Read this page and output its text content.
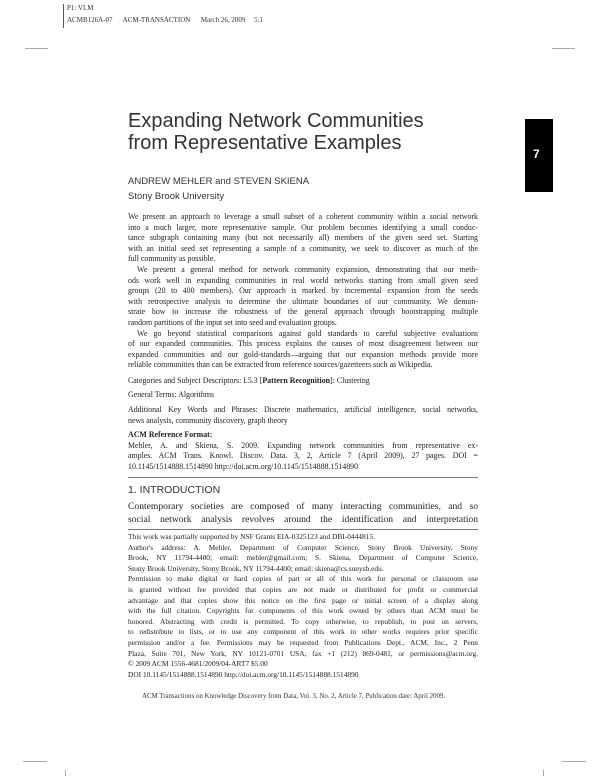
P1: VLM
ACMB126A-07 ACM-TRANSACTION March 26, 2009 5:1
7
Expanding Network Communities
from Representative Examples
ANDREW MEHLER and STEVEN SKIENA
Stony Brook University
We present an approach to leverage a small subset of a coherent community within a social network
into a much larger, more representative sample. Our problem becomes identifying a small conduc-
tance subgraph containing many (but not necessarily all) members of the given seed set. Starting
with an initial seed set representing a sample of a community, we seek to discover as much of the
full community as possible.
We present a general method for network community expansion, demonstrating that our meth-
ods work well in expanding communities in real world networks starting from small given seed
groups (20 to 400 members). Our approach is marked by incremental expansion from the seeds
with retrospective analysis to determine the ultimate boundaries of our community. We demon-
strate how to increase the robustness of the general approach through bootstrapping multiple
random partitions of the input set into seed and evaluation groups.
We go beyond statistical comparisons against gold standards to careful subjective evaluations
of our expanded communities. This process explains the causes of most disagreement between our
expanded communities and our gold-standards—arguing that our expansion methods provide more
reliable communities than can be extracted from reference sources/gazetteers such as Wikipedia.
Categories and Subject Descriptors: I.5.3 [Pattern Recognition]: Clustering
General Terms: Algorithms
Additional Key Words and Phrases: Discrete mathematics, artificial intelligence, social networks,
news analysis, community discovery, graph theory
ACM Reference Format:
Mehler, A. and Skiena, S. 2009. Expanding network communities from representative ex-
amples. ACM Trans. Knowl. Discov. Data. 3, 2, Article 7 (April 2009), 27 pages. DOI =
10.1145/1514888.1514890 http://doi.acm.org/10.1145/1514888.1514890
1. INTRODUCTION
Contemporary societies are composed of many interacting communities, and so
social network analysis revolves around the identification and interpretation
This work was partially supported by NSF Grants EIA-0325123 and DBI-0444815.
Author's address: A. Mehler, Department of Computer Science, Stony Brook University, Stony
Brook, NY 11794-4400; email: mehler@gmail.com; S. Skiena, Department of Computer Science,
Stony Brook University, Stony Brook, NY 11794-4400; email: skiena@cs.sunysb.edu.
Permission to make digital or hard copies of part or all of this work for personal or classroom use
is granted without fee provided that copies are not made or distributed for profit or commercial
advantage and that copies show this notice on the first page or initial screen of a display along
with the full citation. Copyrights for components of this work owned by others than ACM must be
honored. Abstracting with credit is permitted. To copy otherwise, to republish, to post on servers,
to redistribute to lists, or to use any component of this work in other works requires prior specific
permission and/or a fee. Permissions may be requested from Publications Dept., ACM, Inc., 2 Penn
Plaza, Suite 701, New York, NY 10121-0701 USA, fax +1 (212) 869-0481, or permissions@acm.org.
© 2009 ACM 1556-4681/2009/04-ART7 $5.00
DOI 10.1145/1514888.1514890 http://doi.acm.org/10.1145/1514888.1514890
ACM Transactions on Knowledge Discovery from Data, Vol. 3, No. 2, Article 7, Publication date: April 2009.
